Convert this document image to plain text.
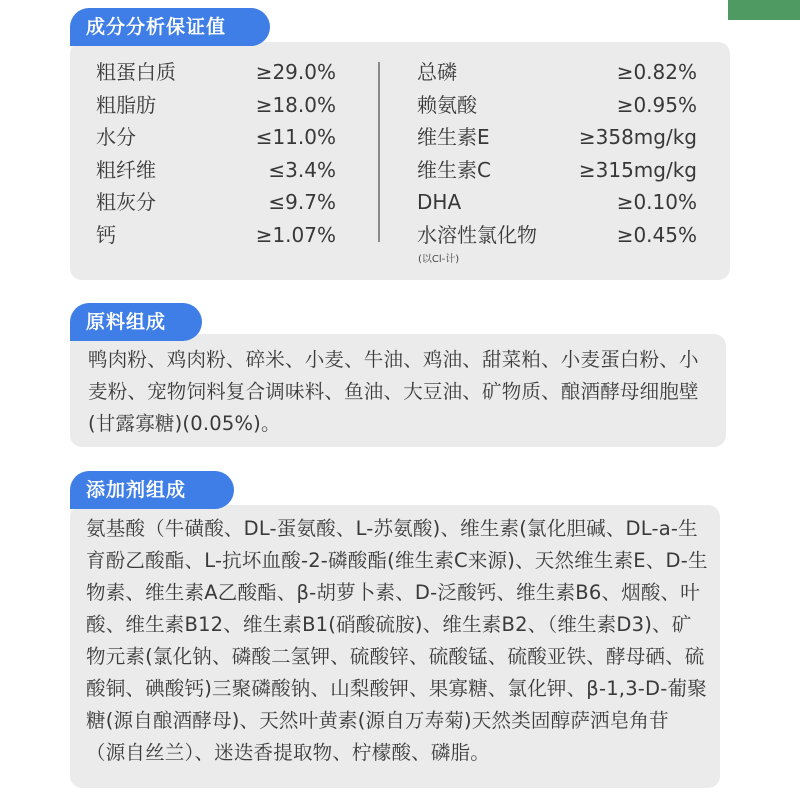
粗蛋白质	≥29.0%
粗脂肪	≥18.0%
水分	≤11.0%
粗纤维	≤3.4%
粗灰分	≤9.7%
钙	≥1.07%
总磷	≥0.82%
赖氨酸	≥0.95%
维生素E	≥358mg/kg
维生素C	≥315mg/kg
DHA	≥0.10%
水溶性氯化物	≥0.45%
(以Cl-计)
成分分析保证值
鸭肉粉、鸡肉粉、碎米、小麦、牛油、鸡油、甜菜粕、小麦蛋白粉、小麦粉、宠物饲料复合调味料、鱼油、大豆油、矿物质、酿酒酵母细胞壁(甘露寡糖)(0.05%)。
原料组成
氨基酸（牛磺酸、DL-蛋氨酸、L-苏氨酸)、维生素(氯化胆碱、DL-a-生育酚乙酸酯、L-抗坏血酸-2-磷酸酯(维生素C来源)、天然维生素E、D-生物素、维生素A乙酸酯、β-胡萝卜素、D-泛酸钙、维生素B6、烟酸、叶酸、维生素B12、维生素B1(硝酸硫胺)、维生素B2、（维生素D3)、矿物元素(氯化钠、磷酸二氢钾、硫酸锌、硫酸锰、硫酸亚铁、酵母硒、硫酸铜、碘酸钙)三聚磷酸钠、山梨酸钾、果寡糖、氯化钾、β-1,3-D-葡聚糖(源自酿酒酵母)、天然叶黄素(源自万寿菊)天然类固醇萨洒皂角苷（源自丝兰）、迷迭香提取物、柠檬酸、磷脂。
添加剂组成
